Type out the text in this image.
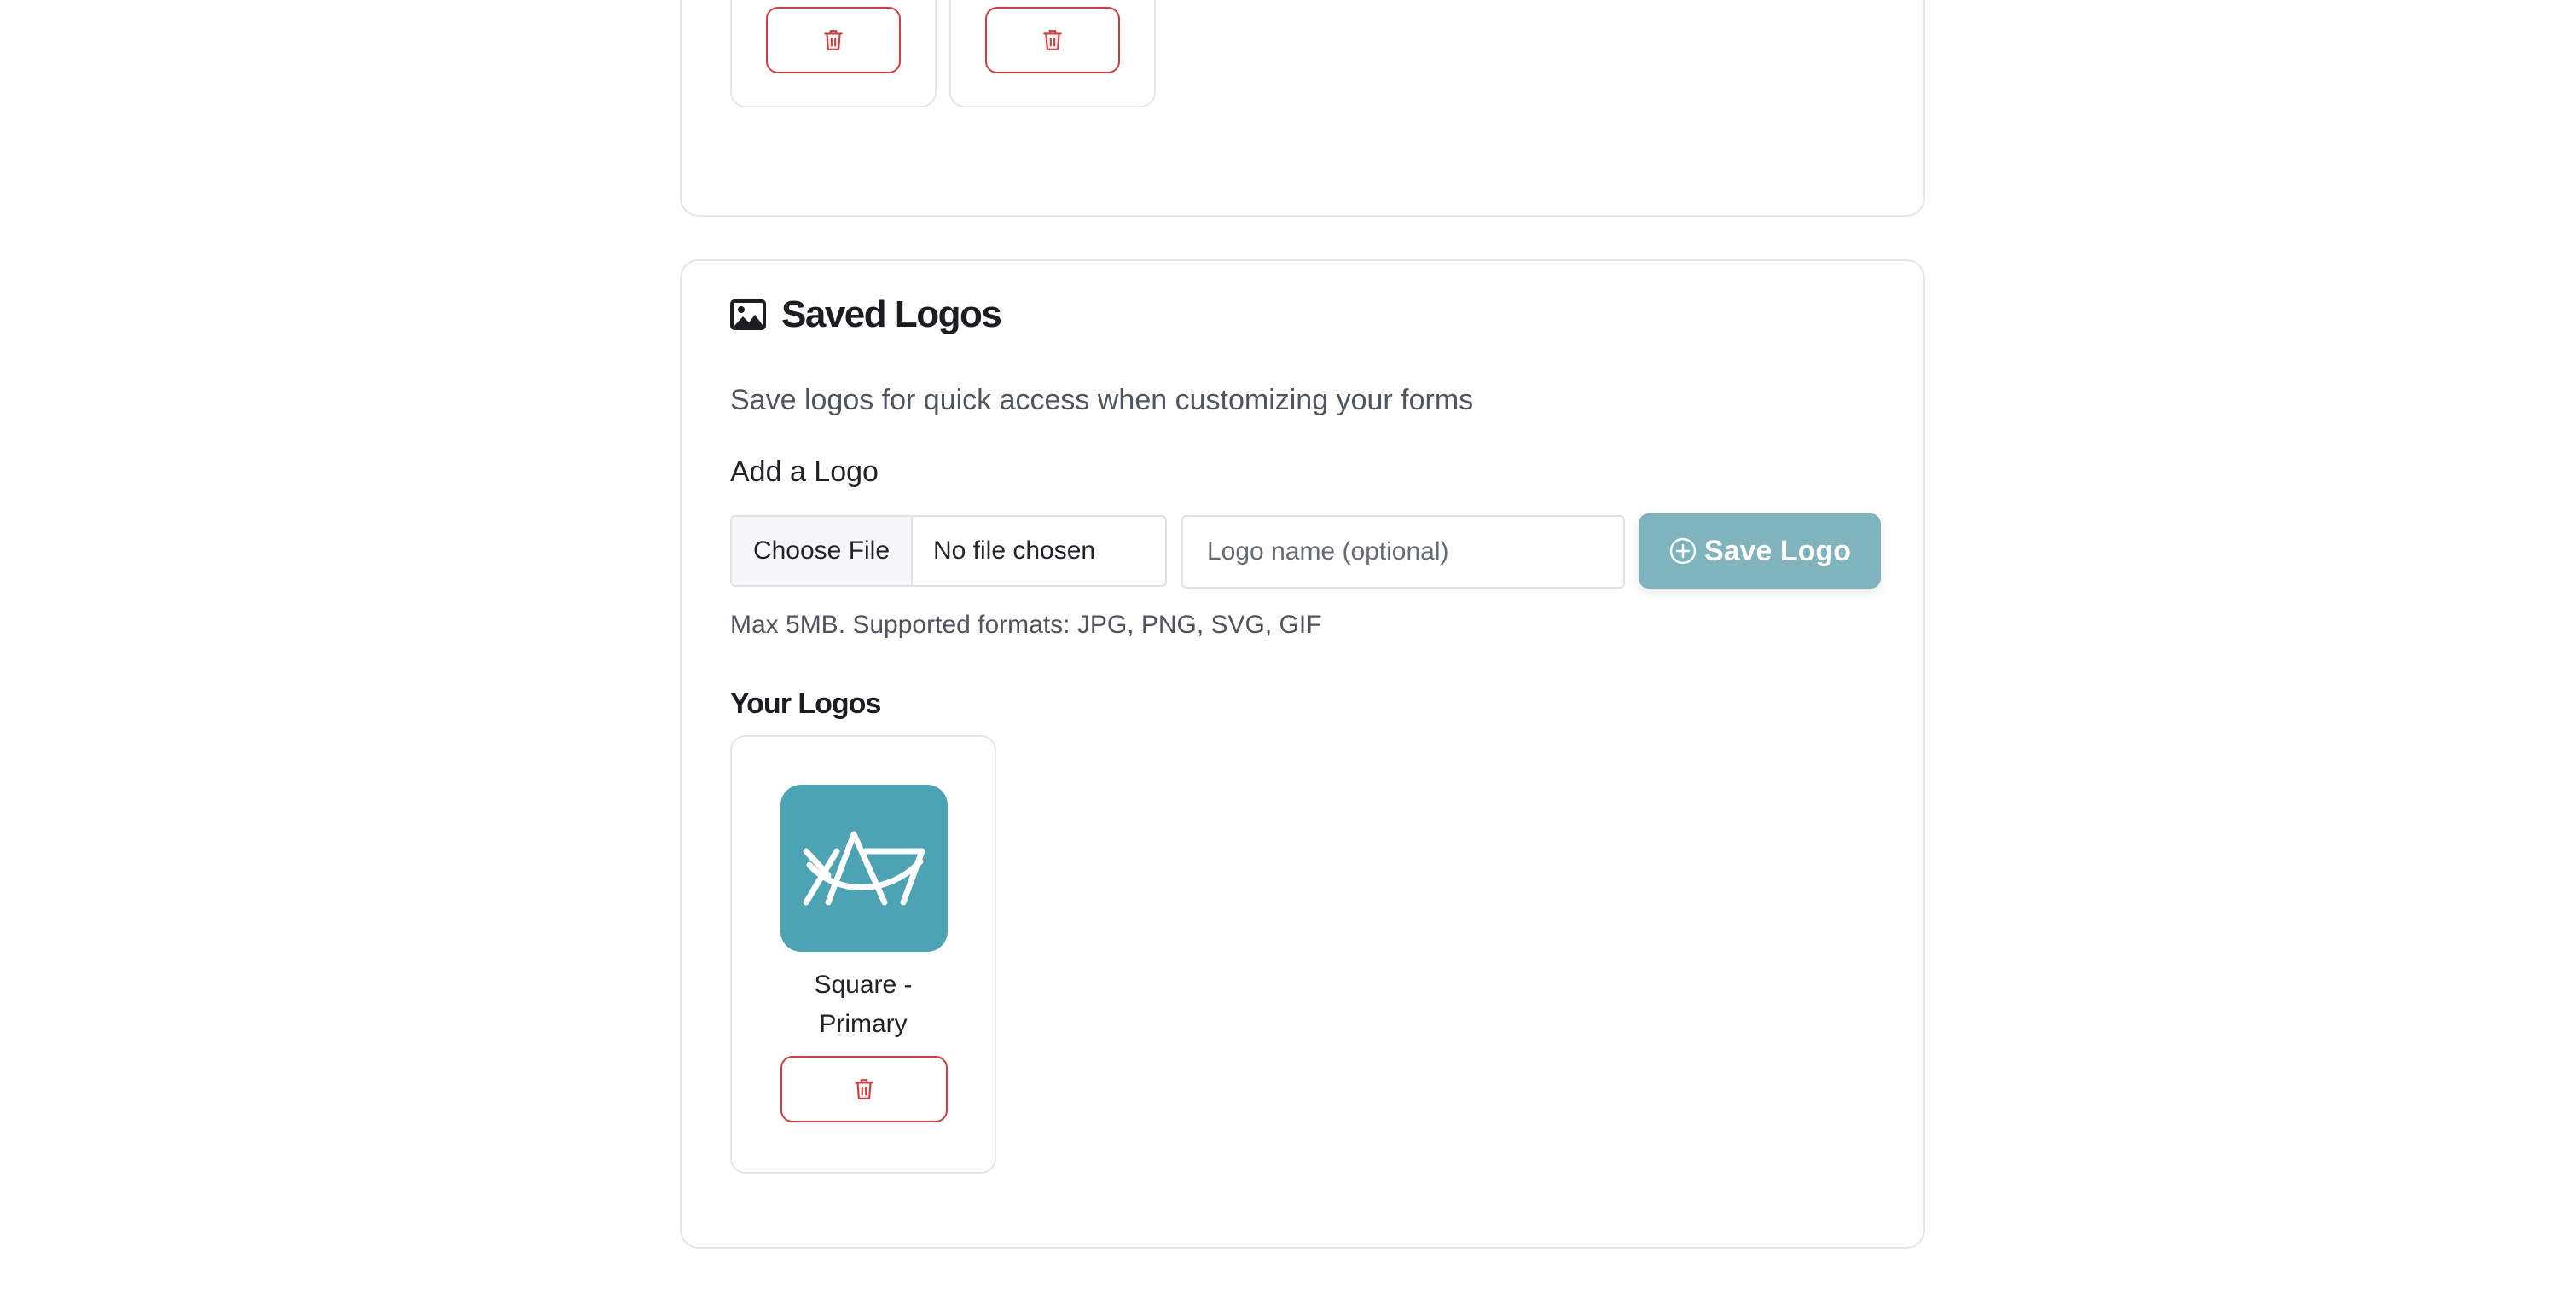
Saved Logos
Save logos for quick access when customizing your forms
Add a Logo
Choose File	No file chosen
Logo name (optional)	Save Logo
Max 5MB. Supported formats: JPG, PNG, SVG, GIF
Your Logos
Square - Primary
